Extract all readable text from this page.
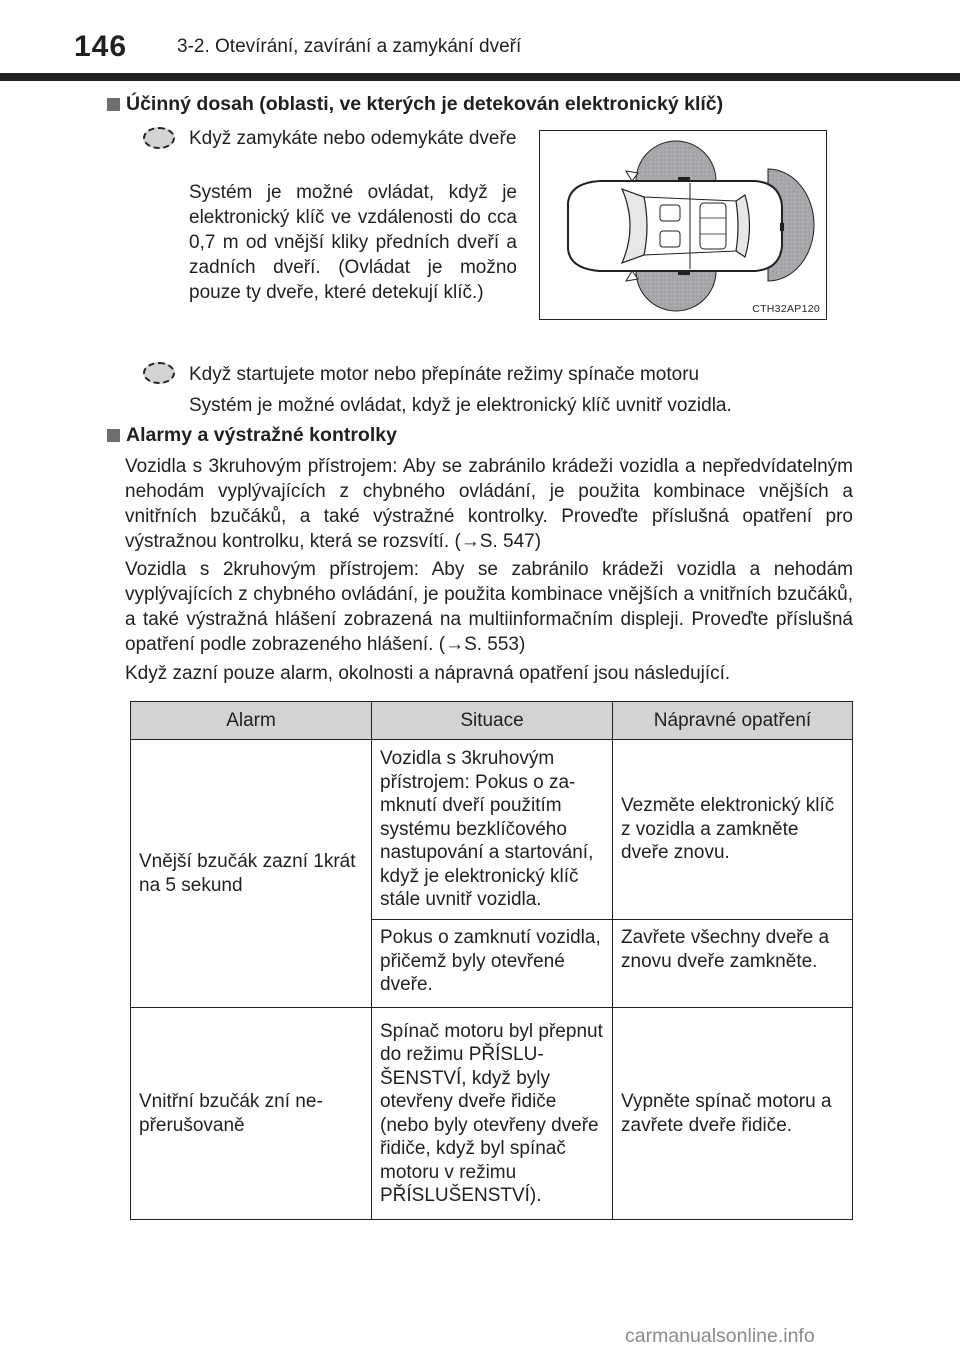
146	3-2. Otevírání, zavírání a zamykání dveří
Účinný dosah (oblasti, ve kterých je detekován elektronický klíč)

Když zamykáte nebo odemykáte dveře

Systém je možné ovládat, když je elektronický klíč ve vzdálenosti do cca 0,7 m od vnější kliky předních dveří a zadních dveří. (Ovládat je možno pouze ty dveře, které detekují klíč.)

CTH32AP120

Když startujete motor nebo přepínáte režimy spínače motoru

Systém je možné ovládat, když je elektronický klíč uvnitř vozidla.

Alarmy a výstražné kontrolky

Vozidla s 3kruhovým přístrojem: Aby se zabránilo krádeži vozidla a nepředvídatelným nehodám vyplývajících z chybného ovládání, je použita kombinace vnějších a vnitřních bzučáků, a také výstražné kontrolky. Proveďte příslušná opatření pro výstražnou kontrolku, která se rozsvítí. (→S. 547)

Vozidla s 2kruhovým přístrojem: Aby se zabránilo krádeži vozidla a nehodám vyplývajících z chybného ovládání, je použita kombinace vnějších a vnitřních bzučáků, a také výstražná hlášení zobrazená na multiinformačním displeji. Proveďte příslušná opatření podle zobrazeného hlášení. (→S. 553)

Když zazní pouze alarm, okolnosti a nápravná opatření jsou následující.

Alarm	Situace	Nápravné opatření
Vnější bzučák zazní 1krát na 5 sekund	Vozidla s 3kruhovým přístrojem: Pokus o zamknutí dveří použitím systému bezklíčového nastupování a startování, když je elektronický klíč stále uvnitř vozidla.	Vezměte elektronický klíč z vozidla a zamkněte dveře znovu.
	Pokus o zamknutí vozidla, přičemž byly otevřené dveře.	Zavřete všechny dveře a znovu dveře zamkněte.
Vnitřní bzučák zní nepřerušovaně	Spínač motoru byl přepnut do režimu PŘÍSLUŠENSTVÍ, když byly otevřeny dveře řidiče (nebo byly otevřeny dveře řidiče, když byl spínač motoru v režimu PŘÍSLUŠENSTVÍ).	Vypněte spínač motoru a zavřete dveře řidiče.
carmanualsonline.info
